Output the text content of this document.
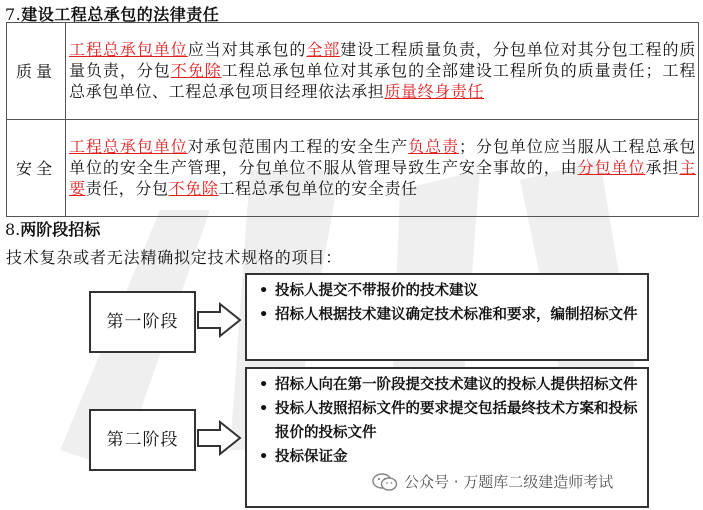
7.建设工程总承包的法律责任
质量	工程总承包单位应当对其承包的全部建设工程质量负责，分包单位对其分包工程的质量负责，分包不免除工程总承包单位对其承包的全部建设工程所负的质量责任；工程总承包单位、工程总承包项目经理依法承担质量终身责任
安全	工程总承包单位对承包范围内工程的安全生产负总责；分包单位应当服从工程总承包单位的安全生产管理，分包单位不服从管理导致生产安全事故的，由分包单位承担主要责任，分包不免除工程总承包单位的安全责任
8.两阶段招标
技术复杂或者无法精确拟定技术规格的项目：
第一阶段
• 投标人提交不带报价的技术建议
• 招标人根据技术建议确定技术标准和要求，编制招标文件
第二阶段
• 招标人向在第一阶段提交技术建议的投标人提供招标文件
• 投标人按照招标文件的要求提交包括最终技术方案和投标报价的投标文件
• 投标保证金
公众号 · 万题库二级建造师考试
